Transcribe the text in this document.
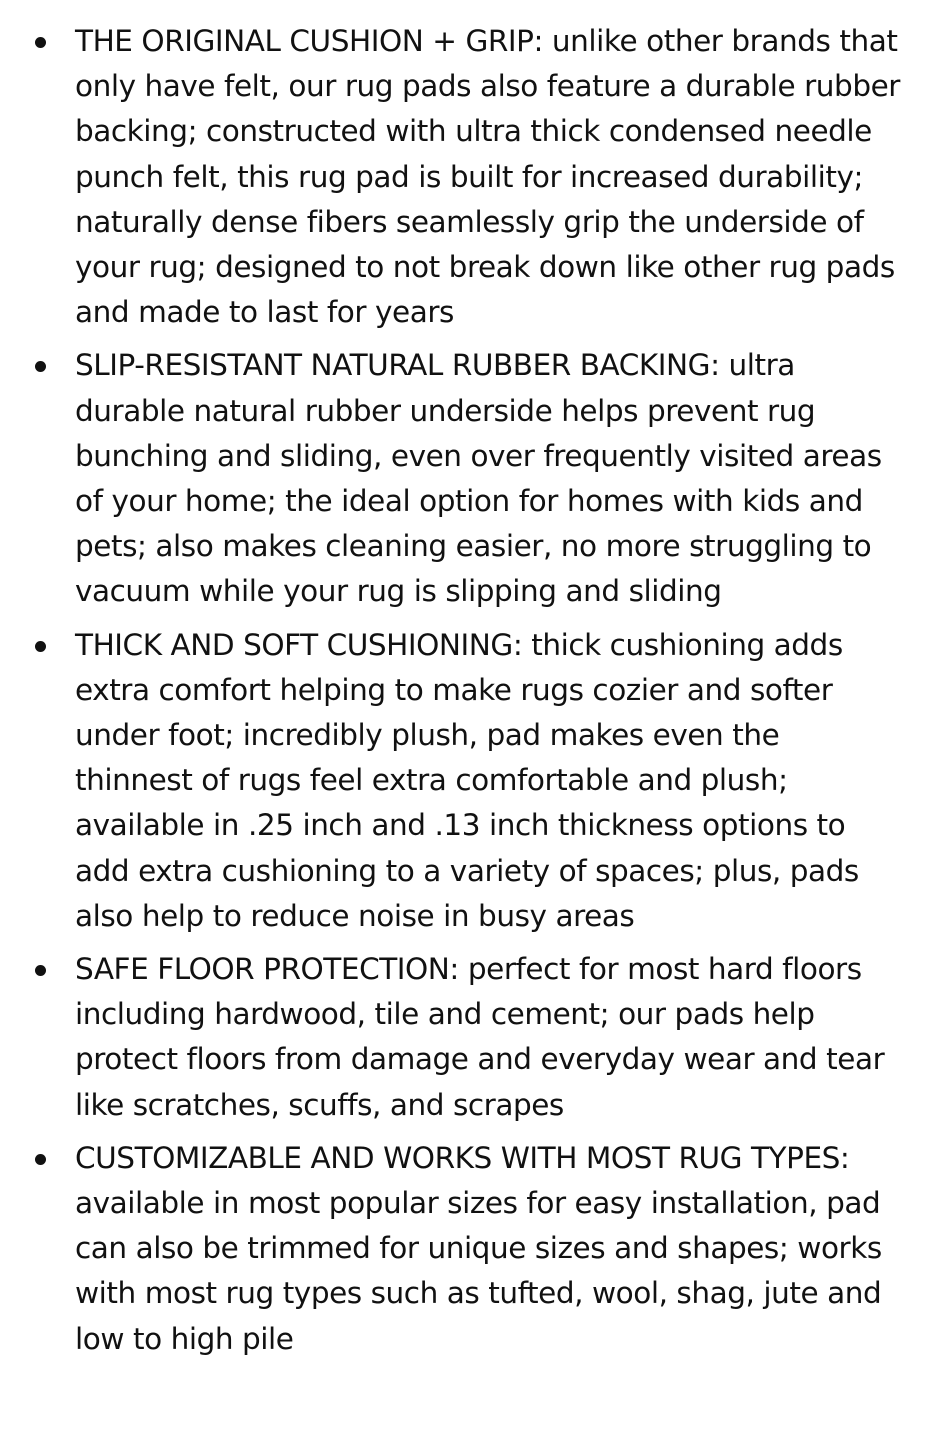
THE ORIGINAL CUSHION + GRIP: unlike other brands that only have felt, our rug pads also feature a durable rubber backing; constructed with ultra thick condensed needle punch felt, this rug pad is built for increased durability; naturally dense fibers seamlessly grip the underside of your rug; designed to not break down like other rug pads and made to last for years
SLIP-RESISTANT NATURAL RUBBER BACKING: ultra durable natural rubber underside helps prevent rug bunching and sliding, even over frequently visited areas of your home; the ideal option for homes with kids and pets; also makes cleaning easier, no more struggling to vacuum while your rug is slipping and sliding
THICK AND SOFT CUSHIONING: thick cushioning adds extra comfort helping to make rugs cozier and softer under foot; incredibly plush, pad makes even the thinnest of rugs feel extra comfortable and plush; available in .25 inch and .13 inch thickness options to add extra cushioning to a variety of spaces; plus, pads also help to reduce noise in busy areas
SAFE FLOOR PROTECTION: perfect for most hard floors including hardwood, tile and cement; our pads help protect floors from damage and everyday wear and tear like scratches, scuffs, and scrapes
CUSTOMIZABLE AND WORKS WITH MOST RUG TYPES: available in most popular sizes for easy installation, pad can also be trimmed for unique sizes and shapes; works with most rug types such as tufted, wool, shag, jute and low to high pile
